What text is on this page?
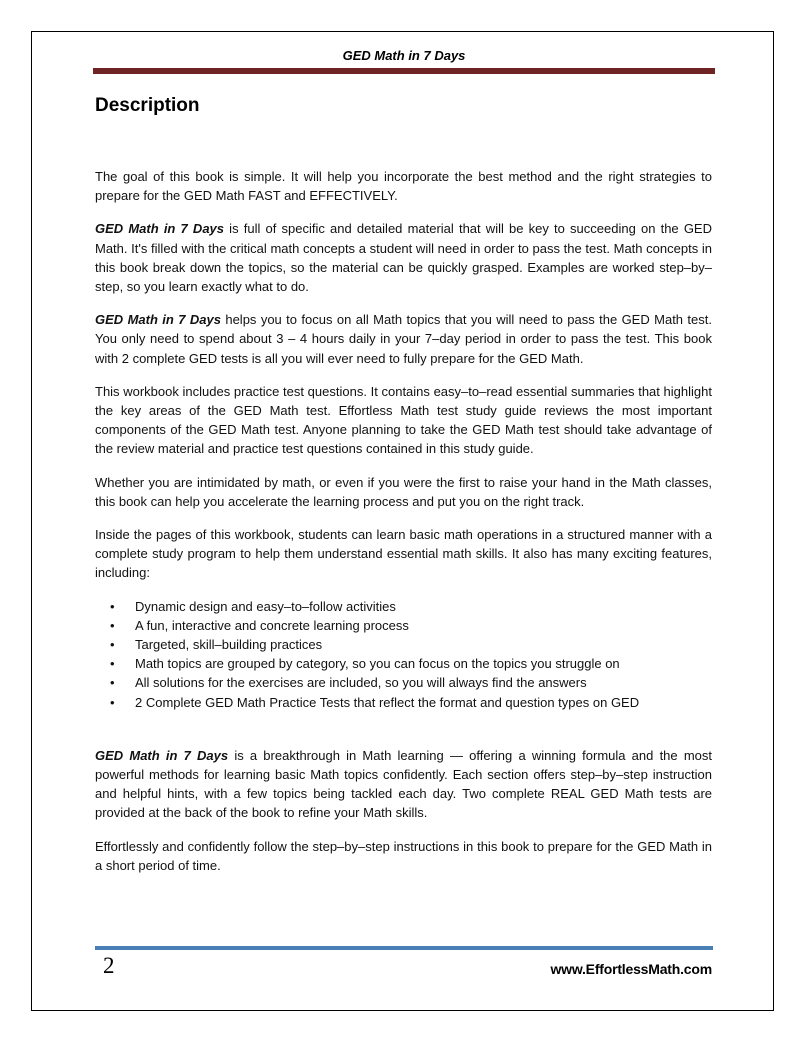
GED Math in 7 Days
Description

The goal of this book is simple. It will help you incorporate the best method and the right strategies to prepare for the GED Math FAST and EFFECTIVELY.

GED Math in 7 Days is full of specific and detailed material that will be key to succeeding on the GED Math. It's filled with the critical math concepts a student will need in order to pass the test. Math concepts in this book break down the topics, so the material can be quickly grasped. Examples are worked step–by–step, so you learn exactly what to do.

GED Math in 7 Days helps you to focus on all Math topics that you will need to pass the GED Math test. You only need to spend about 3 – 4 hours daily in your 7–day period in order to pass the test. This book with 2 complete GED tests is all you will ever need to fully prepare for the GED Math.

This workbook includes practice test questions. It contains easy–to–read essential summaries that highlight the key areas of the GED Math test. Effortless Math test study guide reviews the most important components of the GED Math test. Anyone planning to take the GED Math test should take advantage of the review material and practice test questions contained in this study guide.

Whether you are intimidated by math, or even if you were the first to raise your hand in the Math classes, this book can help you accelerate the learning process and put you on the right track.

Inside the pages of this workbook, students can learn basic math operations in a structured manner with a complete study program to help them understand essential math skills. It also has many exciting features, including:

• Dynamic design and easy–to–follow activities
• A fun, interactive and concrete learning process
• Targeted, skill–building practices
• Math topics are grouped by category, so you can focus on the topics you struggle on
• All solutions for the exercises are included, so you will always find the answers
• 2 Complete GED Math Practice Tests that reflect the format and question types on GED

GED Math in 7 Days is a breakthrough in Math learning — offering a winning formula and the most powerful methods for learning basic Math topics confidently. Each section offers step–by–step instruction and helpful hints, with a few topics being tackled each day. Two complete REAL GED Math tests are provided at the back of the book to refine your Math skills.

Effortlessly and confidently follow the step–by–step instructions in this book to prepare for the GED Math in a short period of time.

2	www.EffortlessMath.com
